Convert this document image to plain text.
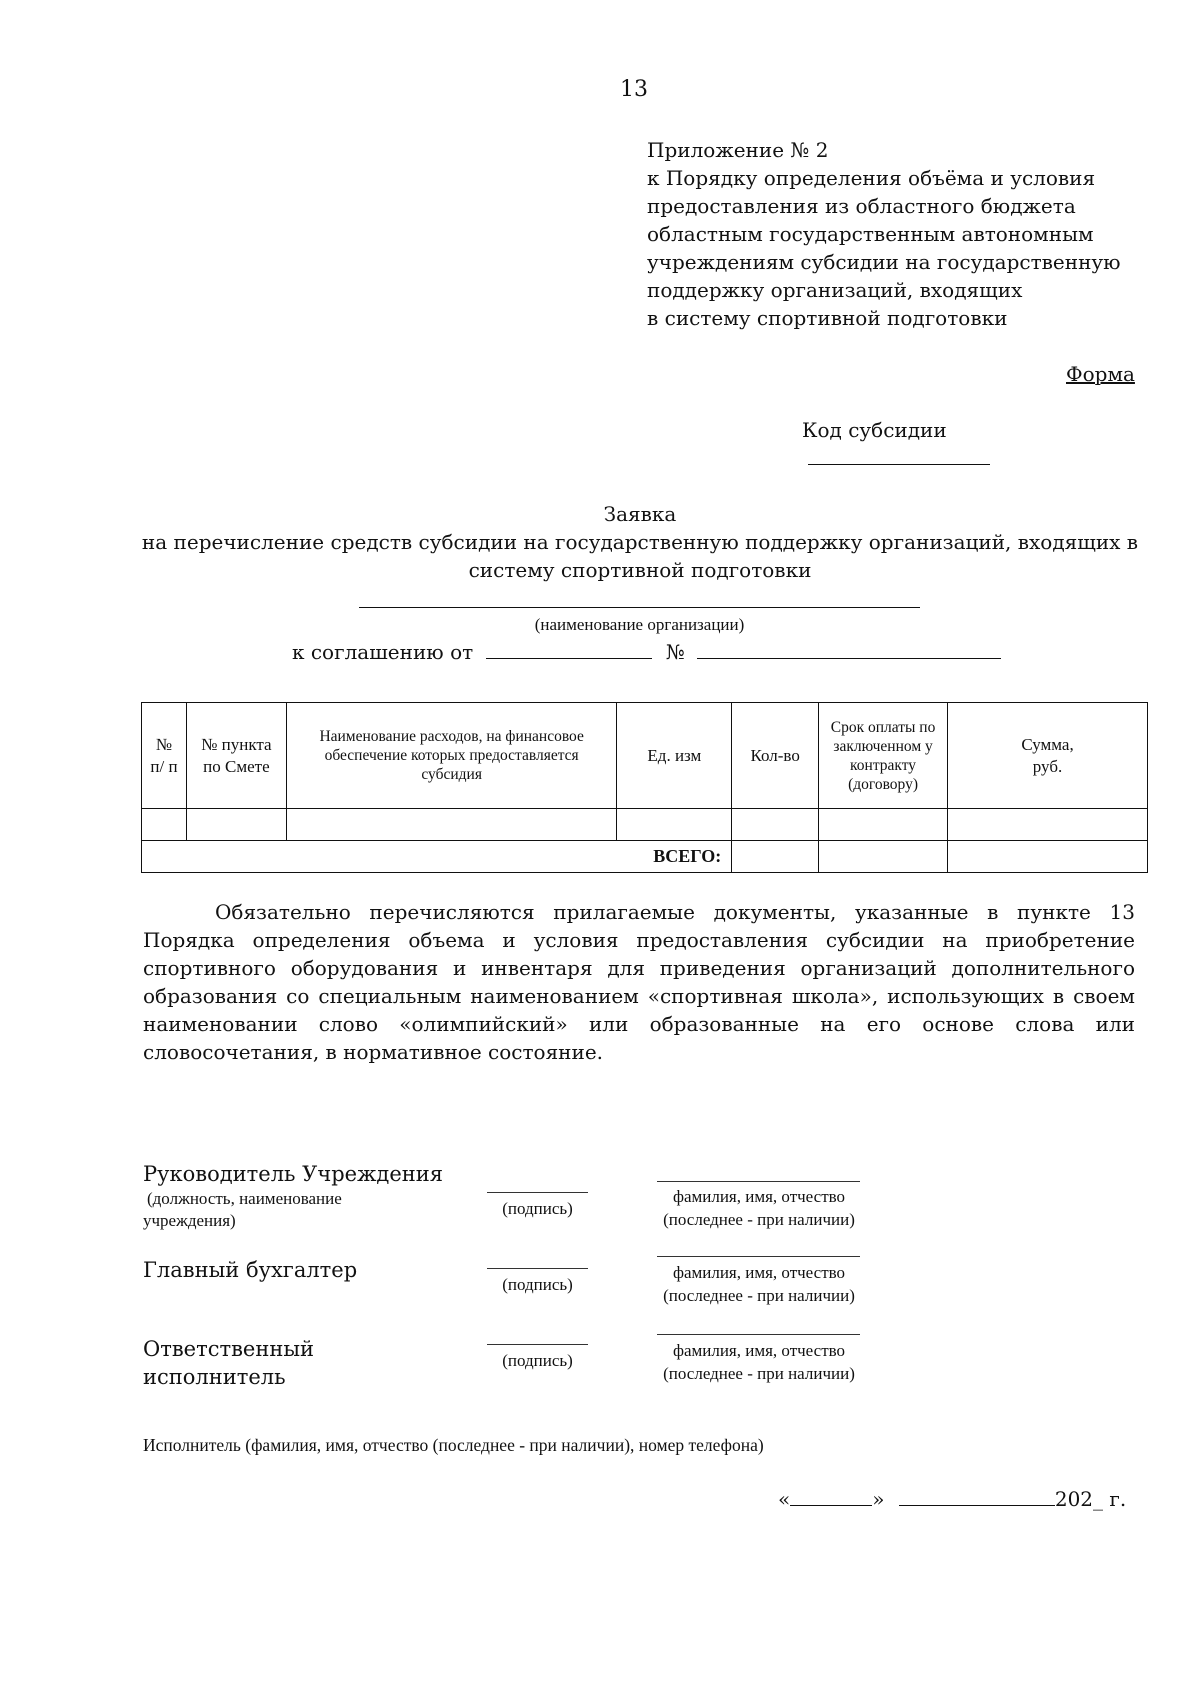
13
Приложение № 2
к Порядку определения объёма и условия
предоставления из областного бюджета
областным государственным автономным
учреждениям субсидии на государственную
поддержку организаций, входящих
в систему спортивной подготовки
Форма
Код субсидии
Заявка
на перечисление средств субсидии на государственную поддержку организаций, входящих в
систему спортивной подготовки
(наименование организации)
к соглашению от	№
№ п/ п	№ пункта по Смете	Наименование расходов, на финансовое обеспечение которых предоставляется субсидия	Ед. изм	Кол-во	Срок оплаты по заключенном у контракту (договору)	Сумма, руб.

ВСЕГО:						

Обязательно перечисляются прилагаемые документы, указанные в пункте 13 Порядка определения объема и условия предоставления субсидии на приобретение спортивного оборудования и инвентаря для приведения организаций дополнительного образования со специальным наименованием «спортивная школа», использующих в своем наименовании слово «олимпийский» или образованные на его основе слова или словосочетания, в нормативное состояние.

Руководитель Учреждения
(должность, наименование учреждения)
(подпись)
фамилия, имя, отчество
(последнее - при наличии)
Главный бухгалтер
(подпись)
фамилия, имя, отчество
(последнее - при наличии)
Ответственный исполнитель
(подпись)
фамилия, имя, отчество
(последнее - при наличии)
Исполнитель (фамилия, имя, отчество (последнее - при наличии), номер телефона)
«	»	202_ г.
